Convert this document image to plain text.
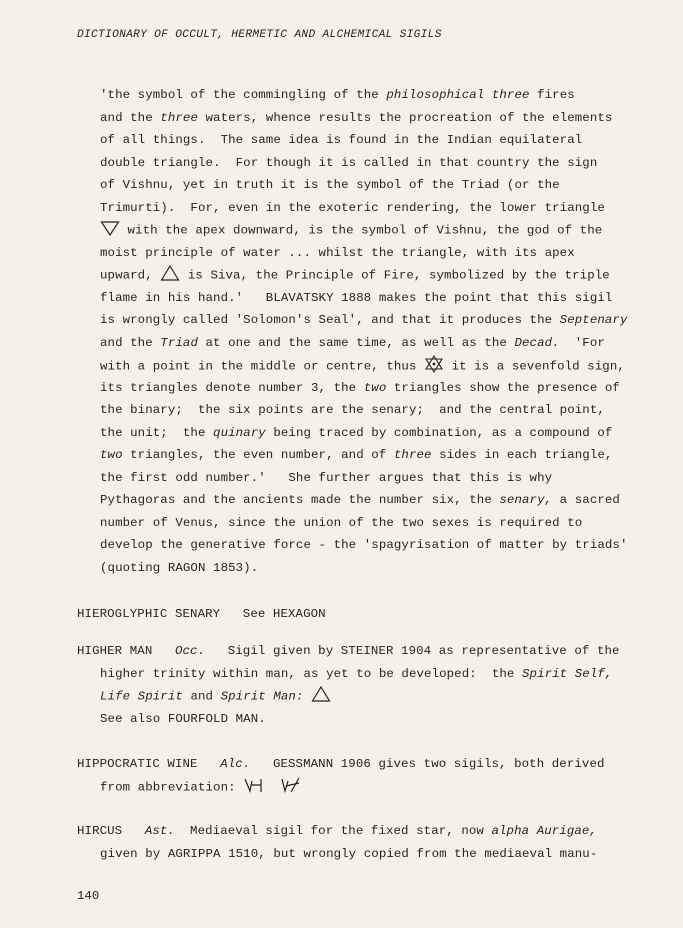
DICTIONARY OF OCCULT, HERMETIC AND ALCHEMICAL SIGILS
'the symbol of the commingling of the philosophical three fires
and the three waters, whence results the procreation of the elements
of all things.  The same idea is found in the Indian equilateral
double triangle.  For though it is called in that country the sign
of Vishnu, yet in truth it is the symbol of the Triad (or the
Trimurti).  For, even in the exoteric rendering, the lower triangle
with the apex downward, is the symbol of Vishnu, the god of the
moist principle of water ... whilst the triangle, with its apex
upward,
is Siva, the Principle of Fire, symbolized by the triple
flame in his hand.'   BLAVATSKY 1888 makes the point that this sigil
is wrongly called 'Solomon's Seal', and that it produces the Septenary
and the Triad at one and the same time, as well as the Decad.  'For
with a point in the middle or centre, thus
it is a sevenfold sign,
its triangles denote number 3, the two triangles show the presence of
the binary;  the six points are the senary;  and the central point,
the unit;  the quinary being traced by combination, as a compound of
two triangles, the even number, and of three sides in each triangle,
the first odd number.'   She further argues that this is why
Pythagoras and the ancients made the number six, the senary, a sacred
number of Venus, since the union of the two sexes is required to
develop the generative force - the 'spagyrisation of matter by triads'
(quoting RAGON 1853).
HIEROGLYPHIC SENARY   See HEXAGON
HIGHER MAN   Occ.   Sigil given by STEINER 1904 as representative of the
higher trinity within man, as yet to be developed:  the Spirit Self,
Life Spirit and Spirit Man:
See also FOURFOLD MAN.
HIPPOCRATIC WINE   Alc.   GESSMANN 1906 gives two sigils, both derived
from abbreviation:

HIRCUS   Ast.  Mediaeval sigil for the fixed star, now alpha Aurigae,
given by AGRIPPA 1510, but wrongly copied from the mediaeval manu-
140
